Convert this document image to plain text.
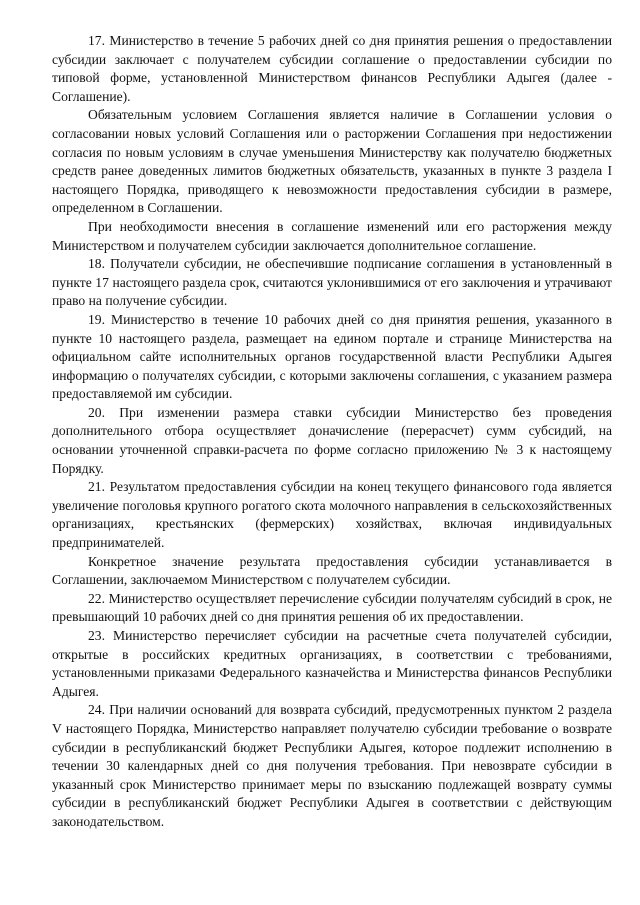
17. Министерство в течение 5 рабочих дней со дня принятия решения о предоставлении субсидии заключает с получателем субсидии соглашение о предоставлении субсидии по типовой форме, установленной Министерством финансов Республики Адыгея (далее - Соглашение).

Обязательным условием Соглашения является наличие в Соглашении условия о согласовании новых условий Соглашения или о расторжении Соглашения при недостижении согласия по новым условиям в случае уменьшения Министерству как получателю бюджетных средств ранее доведенных лимитов бюджетных обязательств, указанных в пункте 3 раздела I настоящего Порядка, приводящего к невозможности предоставления субсидии в размере, определенном в Соглашении.

При необходимости внесения в соглашение изменений или его расторжения между Министерством и получателем субсидии заключается дополнительное соглашение.

18. Получатели субсидии, не обеспечившие подписание соглашения в установленный в пункте 17 настоящего раздела срок, считаются уклонившимися от его заключения и утрачивают право на получение субсидии.

19. Министерство в течение 10 рабочих дней со дня принятия решения, указанного в пункте 10 настоящего раздела, размещает на едином портале и странице Министерства на официальном сайте исполнительных органов государственной власти Республики Адыгея информацию о получателях субсидии, с которыми заключены соглашения, с указанием размера предоставляемой им субсидии.

20. При изменении размера ставки субсидии Министерство без проведения дополнительного отбора осуществляет доначисление (перерасчет) сумм субсидий, на основании уточненной справки-расчета по форме согласно приложению № 3 к настоящему Порядку.

21. Результатом предоставления субсидии на конец текущего финансового года является увеличение поголовья крупного рогатого скота молочного направления в сельскохозяйственных организациях, крестьянских (фермерских) хозяйствах, включая индивидуальных предпринимателей.

Конкретное значение результата предоставления субсидии устанавливается в Соглашении, заключаемом Министерством с получателем субсидии.

22. Министерство осуществляет перечисление субсидии получателям субсидий в срок, не превышающий 10 рабочих дней со дня принятия решения об их предоставлении.

23. Министерство перечисляет субсидии на расчетные счета получателей субсидии, открытые в российских кредитных организациях, в соответствии с требованиями, установленными приказами Федерального казначейства и Министерства финансов Республики Адыгея.

24. При наличии оснований для возврата субсидий, предусмотренных пунктом 2 раздела V настоящего Порядка, Министерство направляет получателю субсидии требование о возврате субсидии в республиканский бюджет Республики Адыгея, которое подлежит исполнению в течении 30 календарных дней со дня получения требования. При невозврате субсидии в указанный срок Министерство принимает меры по взысканию подлежащей возврату суммы субсидии в республиканский бюджет Республики Адыгея в соответствии с действующим законодательством.
